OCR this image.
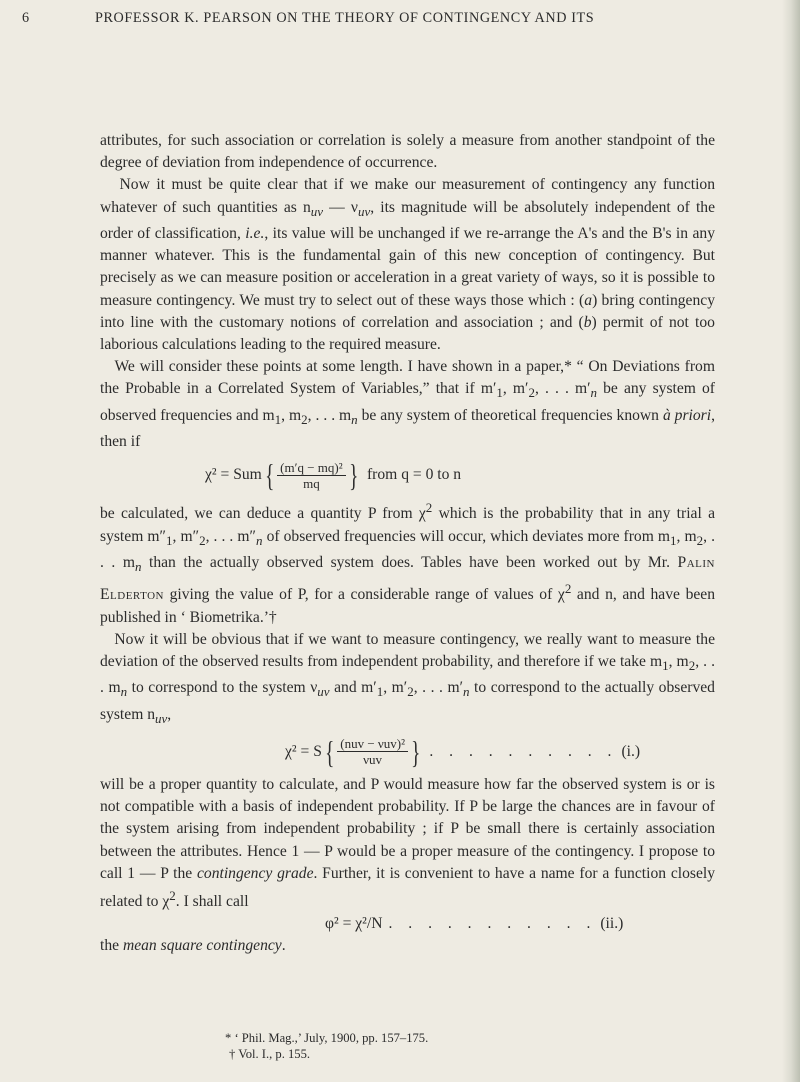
6	PROFESSOR K. PEARSON ON THE THEORY OF CONTINGENCY AND ITS

attributes, for such association or correlation is solely a measure from another standpoint of the degree of deviation from independence of occurrence.

Now it must be quite clear that if we make our measurement of contingency any function whatever of such quantities as $n_{uv}$ — $\nu_{uv}$, its magnitude will be absolutely independent of the order of classification, i.e., its value will be unchanged if we re-arrange the A's and the B's in any manner whatever. This is the fundamental gain of this new conception of contingency. But precisely as we can measure position or acceleration in a great variety of ways, so it is possible to measure contingency. We must try to select out of these ways those which : (a) bring contingency into line with the customary notions of correlation and association ; and (b) permit of not too laborious calculations leading to the required measure.

We will consider these points at some length. I have shown in a paper,* “ On Deviations from the Probable in a Correlated System of Variables,” that if $m'_1$, $m'_2$, . . . $m'_n$ be any system of observed frequencies and $m_1$, $m_2$, . . . $m_n$ be any system of theoretical frequencies known à priori, then if

χ² = Sum { $\frac{\text{(m′q − mq)²}}{mq}$ } from q = 0 to n

be calculated, we can deduce a quantity P from $\chi^2$ which is the probability that in any trial a system $m''_1$, $m''_2$, . . . $m''_n$ of observed frequencies will occur, which deviates more from $m_1$, $m_2$, . . . $m_n$ than the actually observed system does. Tables have been worked out by Mr. Palin Elderton giving the value of P, for a considerable range of values of $\chi^2$ and n, and have been published in ‘ Biometrika.’†

Now it will be obvious that if we want to measure contingency, we really want to measure the deviation of the observed results from independent probability, and therefore if we take $m_1$, $m_2$, . . . $m_n$ to correspond to the system $\nu_{uv}$ and $m'_1$, $m'_2$, . . . $m'_n$ to correspond to the actually observed system $n_{uv}$,

χ² = S { $\frac{\text{(nuv − νuv)²}}{\text{νuv}}$ } . . . . . . . . . . (i.)

will be a proper quantity to calculate, and P would measure how far the observed system is or is not compatible with a basis of independent probability. If P be large the chances are in favour of the system arising from independent probability ; if P be small there is certainly association between the attributes. Hence 1 — P would be a proper measure of the contingency. I propose to call 1 — P the contingency grade. Further, it is convenient to have a name for a function closely related to $\chi^2$. I shall call

φ² = χ²/N . . . . . . . . . . . (ii.)

the mean square contingency.

* ‘ Phil. Mag.,’ July, 1900, pp. 157–175.
† Vol. I., p. 155.
